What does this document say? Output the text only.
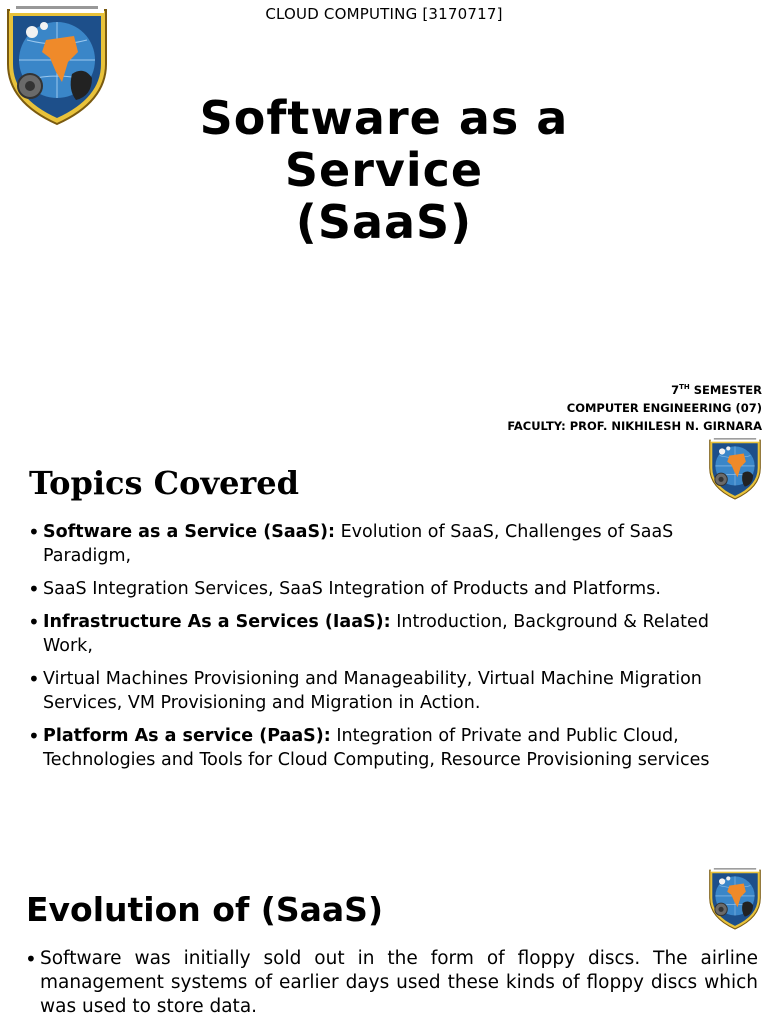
CLOUD COMPUTING [3170717]
Software as a
Service
(SaaS)
7TH SEMESTER
COMPUTER ENGINEERING (07)
FACULTY: PROF. NIKHILESH N. GIRNARA
Topics Covered
• Software as a Service (SaaS): Evolution of SaaS, Challenges of SaaS Paradigm,
• SaaS Integration Services, SaaS Integration of Products and Platforms.
• Infrastructure As a Services (IaaS): Introduction, Background & Related Work,
• Virtual Machines Provisioning and Manageability, Virtual Machine Migration Services, VM Provisioning and Migration in Action.
• Platform As a service (PaaS): Integration of Private and Public Cloud, Technologies and Tools for Cloud Computing, Resource Provisioning services
Evolution of (SaaS)
• Software was initially sold out in the form of floppy discs. The airline management systems of earlier days used these kinds of floppy discs which was used to store data.
